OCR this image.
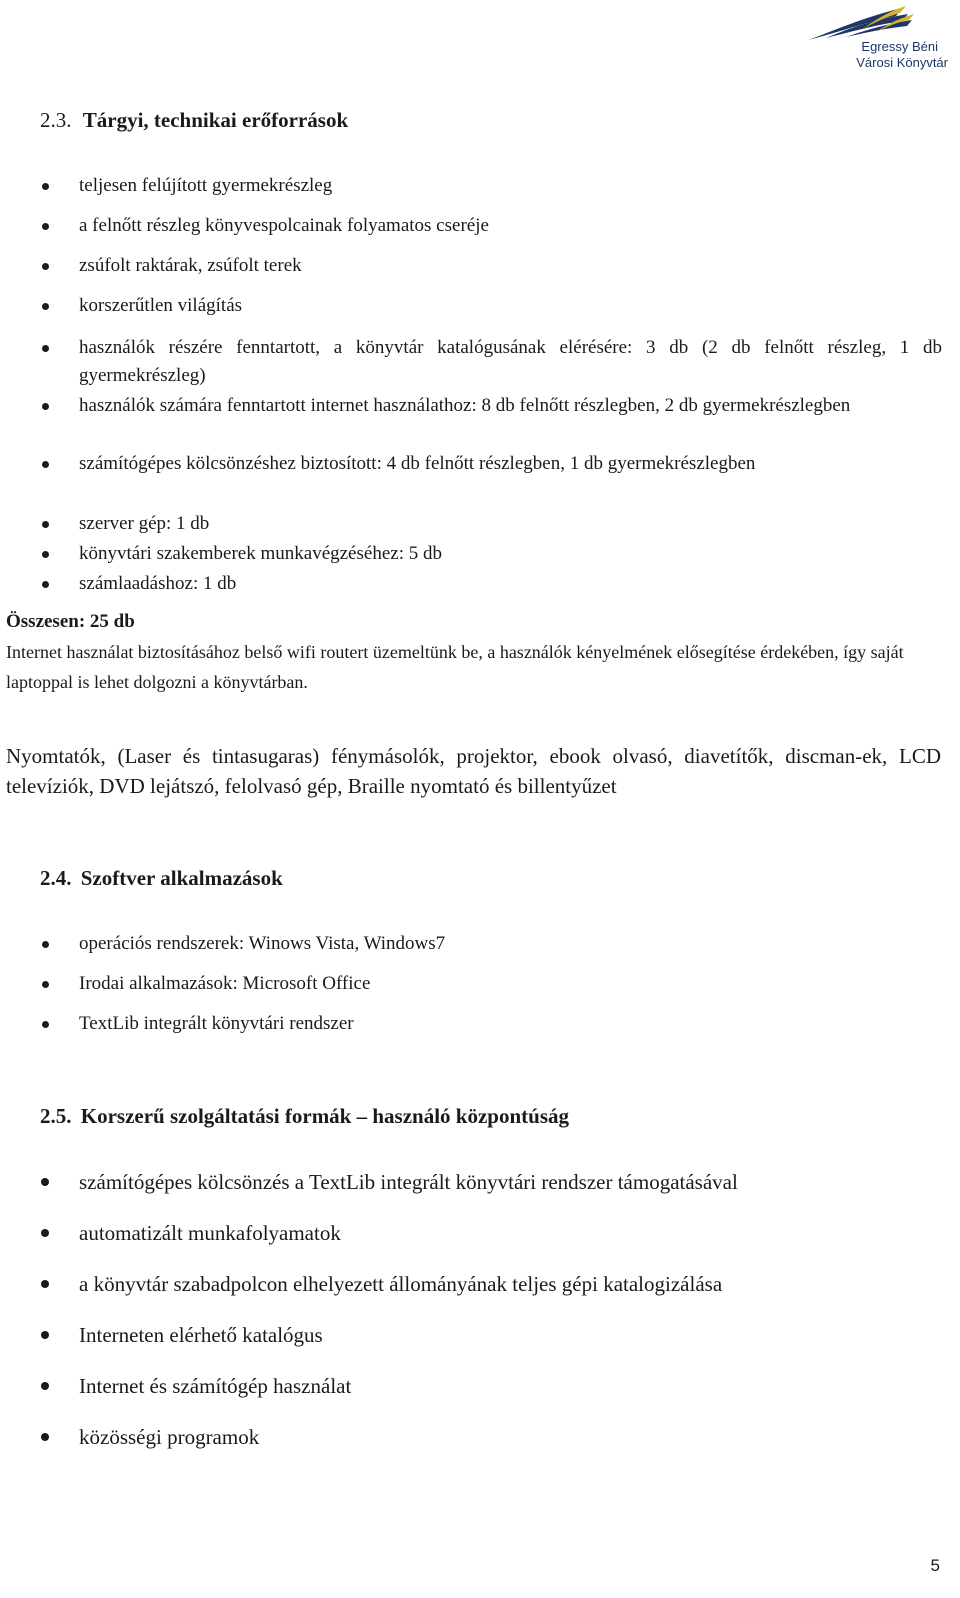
Egressy Béni
Városi Könyvtár
2.3. Tárgyi, technikai erőforrások
teljesen felújított gyermekrészleg
a felnőtt részleg könyvespolcainak folyamatos cseréje
zsúfolt raktárak, zsúfolt terek
korszerűtlen világítás
használók részére fenntartott, a könyvtár katalógusának elérésére: 3 db (2 db felnőtt részleg, 1 db gyermekrészleg)
használók számára fenntartott internet használathoz: 8 db felnőtt részlegben, 2 db gyermekrészlegben
számítógépes kölcsönzéshez biztosított: 4 db felnőtt részlegben, 1 db gyermekrészlegben
szerver gép: 1 db
könyvtári szakemberek munkavégzéséhez: 5 db
számlaadáshoz: 1 db
Összesen: 25 db

Internet használat biztosításához belső wifi routert üzemeltünk be, a használók kényelmének elősegítése érdekében, így saját laptoppal is lehet dolgozni a könyvtárban.

Nyomtatók, (Laser és tintasugaras) fénymásolók, projektor, ebook olvasó, diavetítők, discman-ek, LCD televíziók, DVD lejátszó, felolvasó gép, Braille nyomtató és billentyűzet

2.4. Szoftver alkalmazások
operációs rendszerek: Winows Vista, Windows7
Irodai alkalmazások: Microsoft Office
TextLib integrált könyvtári rendszer
2.5. Korszerű szolgáltatási formák – használó központúság
számítógépes kölcsönzés a TextLib integrált könyvtári rendszer támogatásával
automatizált munkafolyamatok
a könyvtár szabadpolcon elhelyezett állományának teljes gépi katalogizálása
Interneten elérhető katalógus
Internet és számítógép használat
közösségi programok
5
